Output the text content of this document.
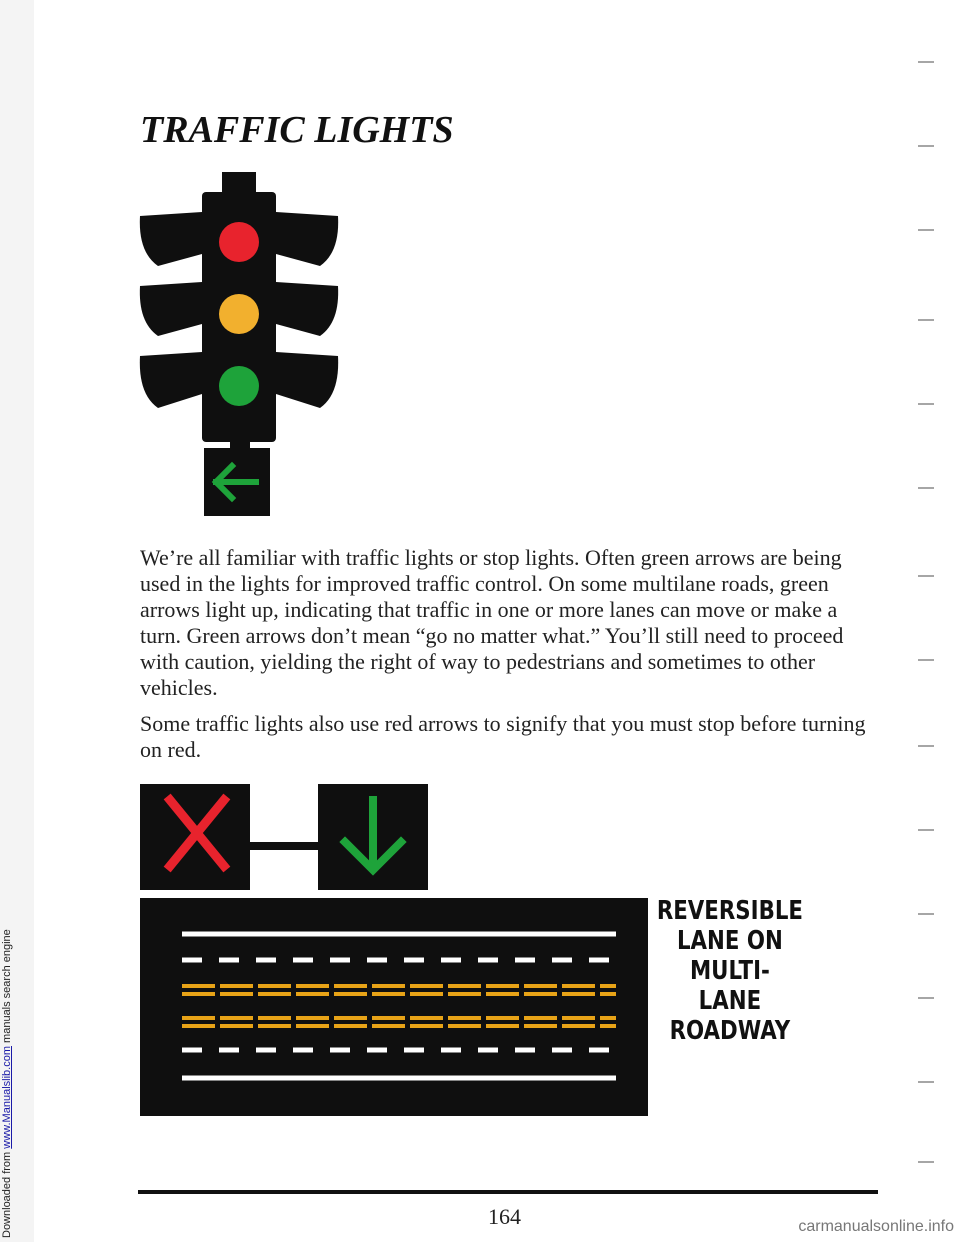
Downloaded from www.Manualslib.com manuals search engine
TRAFFIC LIGHTS

We’re all familiar with traffic lights or stop lights. Often green arrows are being used in the lights for improved traffic control. On some multilane roads, green arrows light up, indicating that traffic in one or more lanes can move or make a turn. Green arrows don’t mean “go no matter what.” You’ll still need to proceed with caution, yielding the right of way to pedestrians and sometimes to other vehicles.

Some traffic lights also use red arrows to signify that you must stop before turning on red.

REVERSIBLE
LANE ON
MULTI-
LANE
ROADWAY
164	carmanualsonline.info
